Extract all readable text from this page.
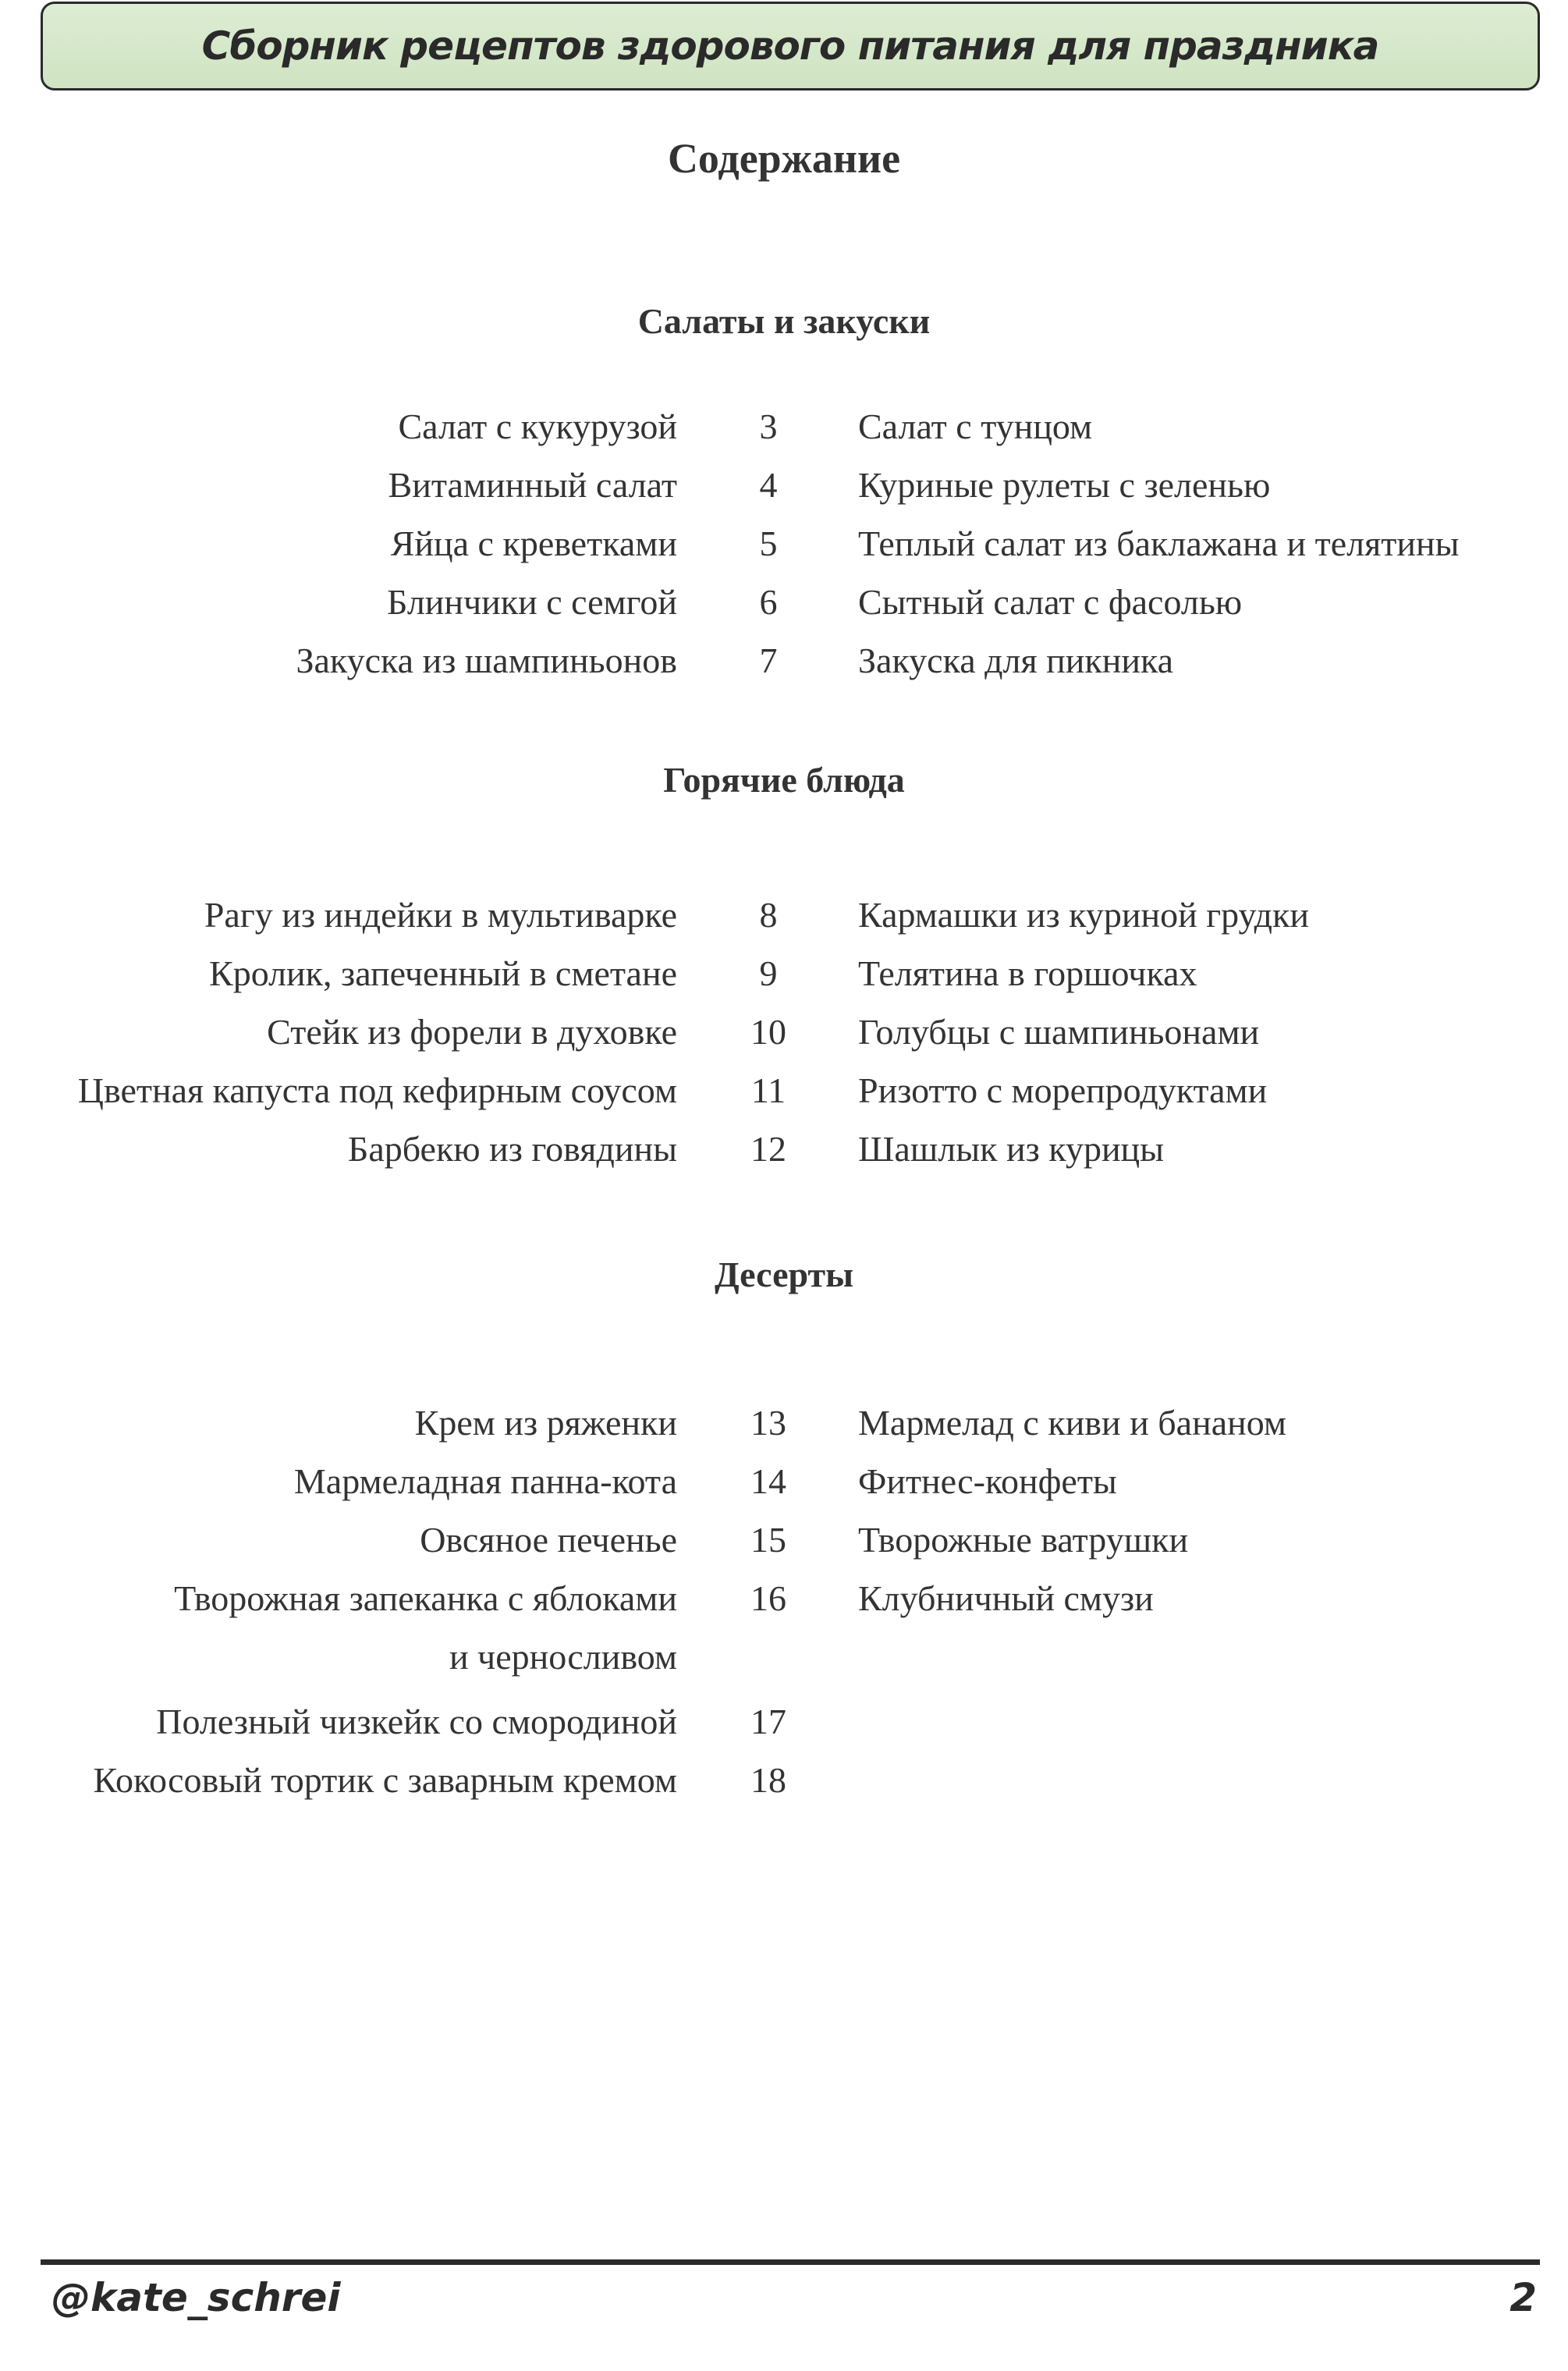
Сборник рецептов здорового питания для праздника
Содержание
Салаты и закуски
Салат с кукурузой	3	Салат с тунцом
Витаминный салат	4	Куриные рулеты с зеленью
Яйца с креветками	5	Теплый салат из баклажана и телятины
Блинчики с семгой	6	Сытный салат с фасолью
Закуска из шампиньонов	7	Закуска для пикника
Горячие блюда
Рагу из индейки в мультиварке	8	Кармашки из куриной грудки
Кролик, запеченный в сметане	9	Телятина в горшочках
Стейк из форели в духовке	10	Голубцы с шампиньонами
Цветная капуста под кефирным соусом	11	Ризотто с морепродуктами
Барбекю из говядины	12	Шашлык из курицы
Десерты
Крем из ряженки	13	Мармелад с киви и бананом
Мармеладная панна-кота	14	Фитнес-конфеты
Овсяное печенье	15	Творожные ватрушки
Творожная запеканка с яблоками	16	Клубничный смузи
и черносливом
Полезный чизкейк со смородиной	17
Кокосовый тортик с заварным кремом	18
@kate_schrei	2
